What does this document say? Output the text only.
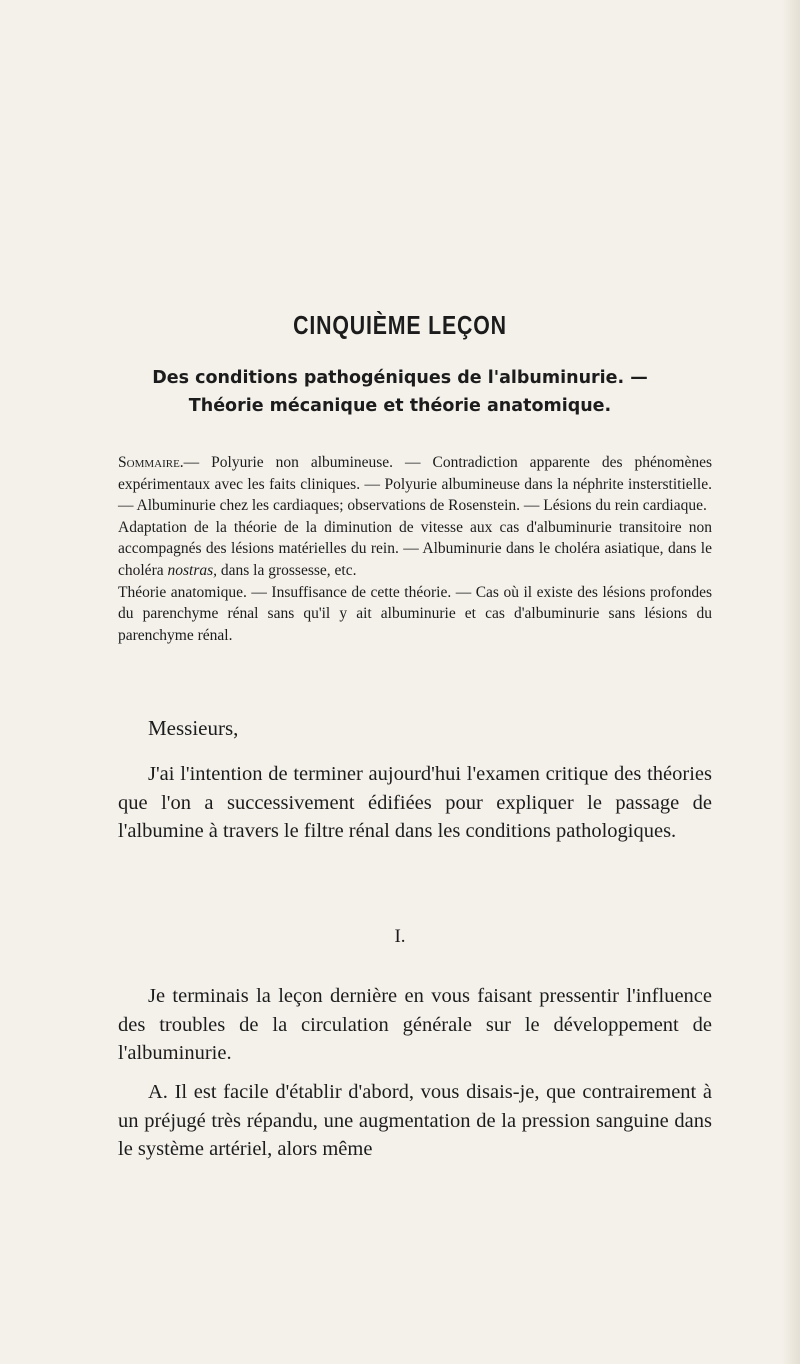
CINQUIÈME LEÇON
Des conditions pathogéniques de l'albuminurie. —
Théorie mécanique et théorie anatomique.

Sommaire.— Polyurie non albumineuse. — Contradiction apparente des phénomènes expérimentaux avec les faits cliniques. — Polyurie albumineuse dans la néphrite insterstitielle.— Albuminurie chez les cardiaques; observations de Rosenstein. — Lésions du rein cardiaque.

Adaptation de la théorie de la diminution de vitesse aux cas d'albuminurie transitoire non accompagnés des lésions matérielles du rein. — Albuminurie dans le choléra asiatique, dans le choléra nostras, dans la grossesse, etc.

Théorie anatomique. — Insuffisance de cette théorie. — Cas où il existe des lésions profondes du parenchyme rénal sans qu'il y ait albuminurie et cas d'albuminurie sans lésions du parenchyme rénal.

Messieurs,

J'ai l'intention de terminer aujourd'hui l'examen critique des théories que l'on a successivement édifiées pour expliquer le passage de l'albumine à travers le filtre rénal dans les conditions pathologiques.

I.

Je terminais la leçon dernière en vous faisant pressentir l'influence des troubles de la circulation générale sur le développement de l'albuminurie.

A. Il est facile d'établir d'abord, vous disais-je, que contrairement à un préjugé très répandu, une augmentation de la pression sanguine dans le système artériel, alors même
